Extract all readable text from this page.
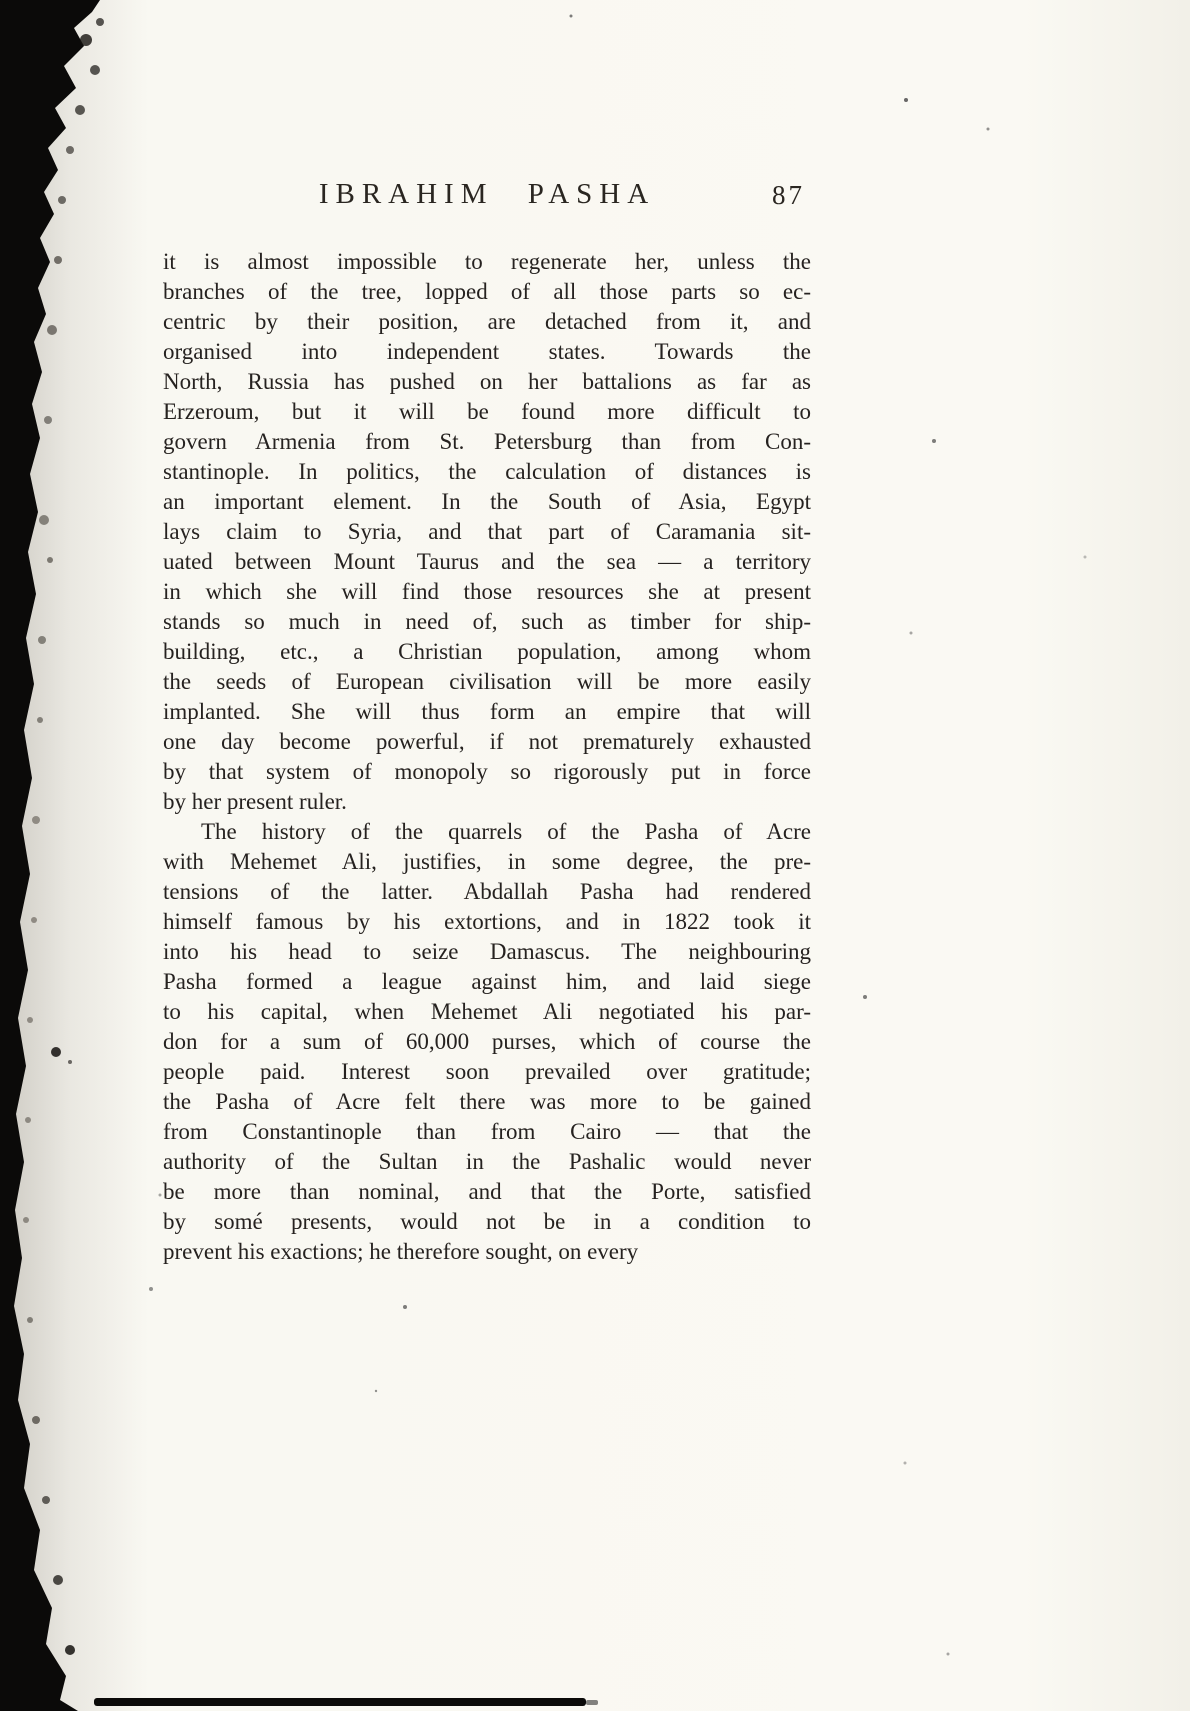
IBRAHIM PASHA	87
it is almost impossible to regenerate her, unless the
branches of the tree, lopped of all those parts so ec-
centric by their position, are detached from it, and
organised into independent states. Towards the
North, Russia has pushed on her battalions as far as
Erzeroum, but it will be found more difficult to
govern Armenia from St. Petersburg than from Con-
stantinople. In politics, the calculation of distances is
an important element. In the South of Asia, Egypt
lays claim to Syria, and that part of Caramania sit-
uated between Mount Taurus and the sea — a territory
in which she will find those resources she at present
stands so much in need of, such as timber for ship-
building, etc., a Christian population, among whom
the seeds of European civilisation will be more easily
implanted. She will thus form an empire that will
one day become powerful, if not prematurely exhausted
by that system of monopoly so rigorously put in force
by her present ruler.
The history of the quarrels of the Pasha of Acre
with Mehemet Ali, justifies, in some degree, the pre-
tensions of the latter. Abdallah Pasha had rendered
himself famous by his extortions, and in 1822 took it
into his head to seize Damascus. The neighbouring
Pasha formed a league against him, and laid siege
to his capital, when Mehemet Ali negotiated his par-
don for a sum of 60,000 purses, which of course the
people paid. Interest soon prevailed over gratitude;
the Pasha of Acre felt there was more to be gained
from Constantinople than from Cairo — that the
authority of the Sultan in the Pashalic would never
be more than nominal, and that the Porte, satisfied
by somé presents, would not be in a condition to
prevent his exactions; he therefore sought, on every
